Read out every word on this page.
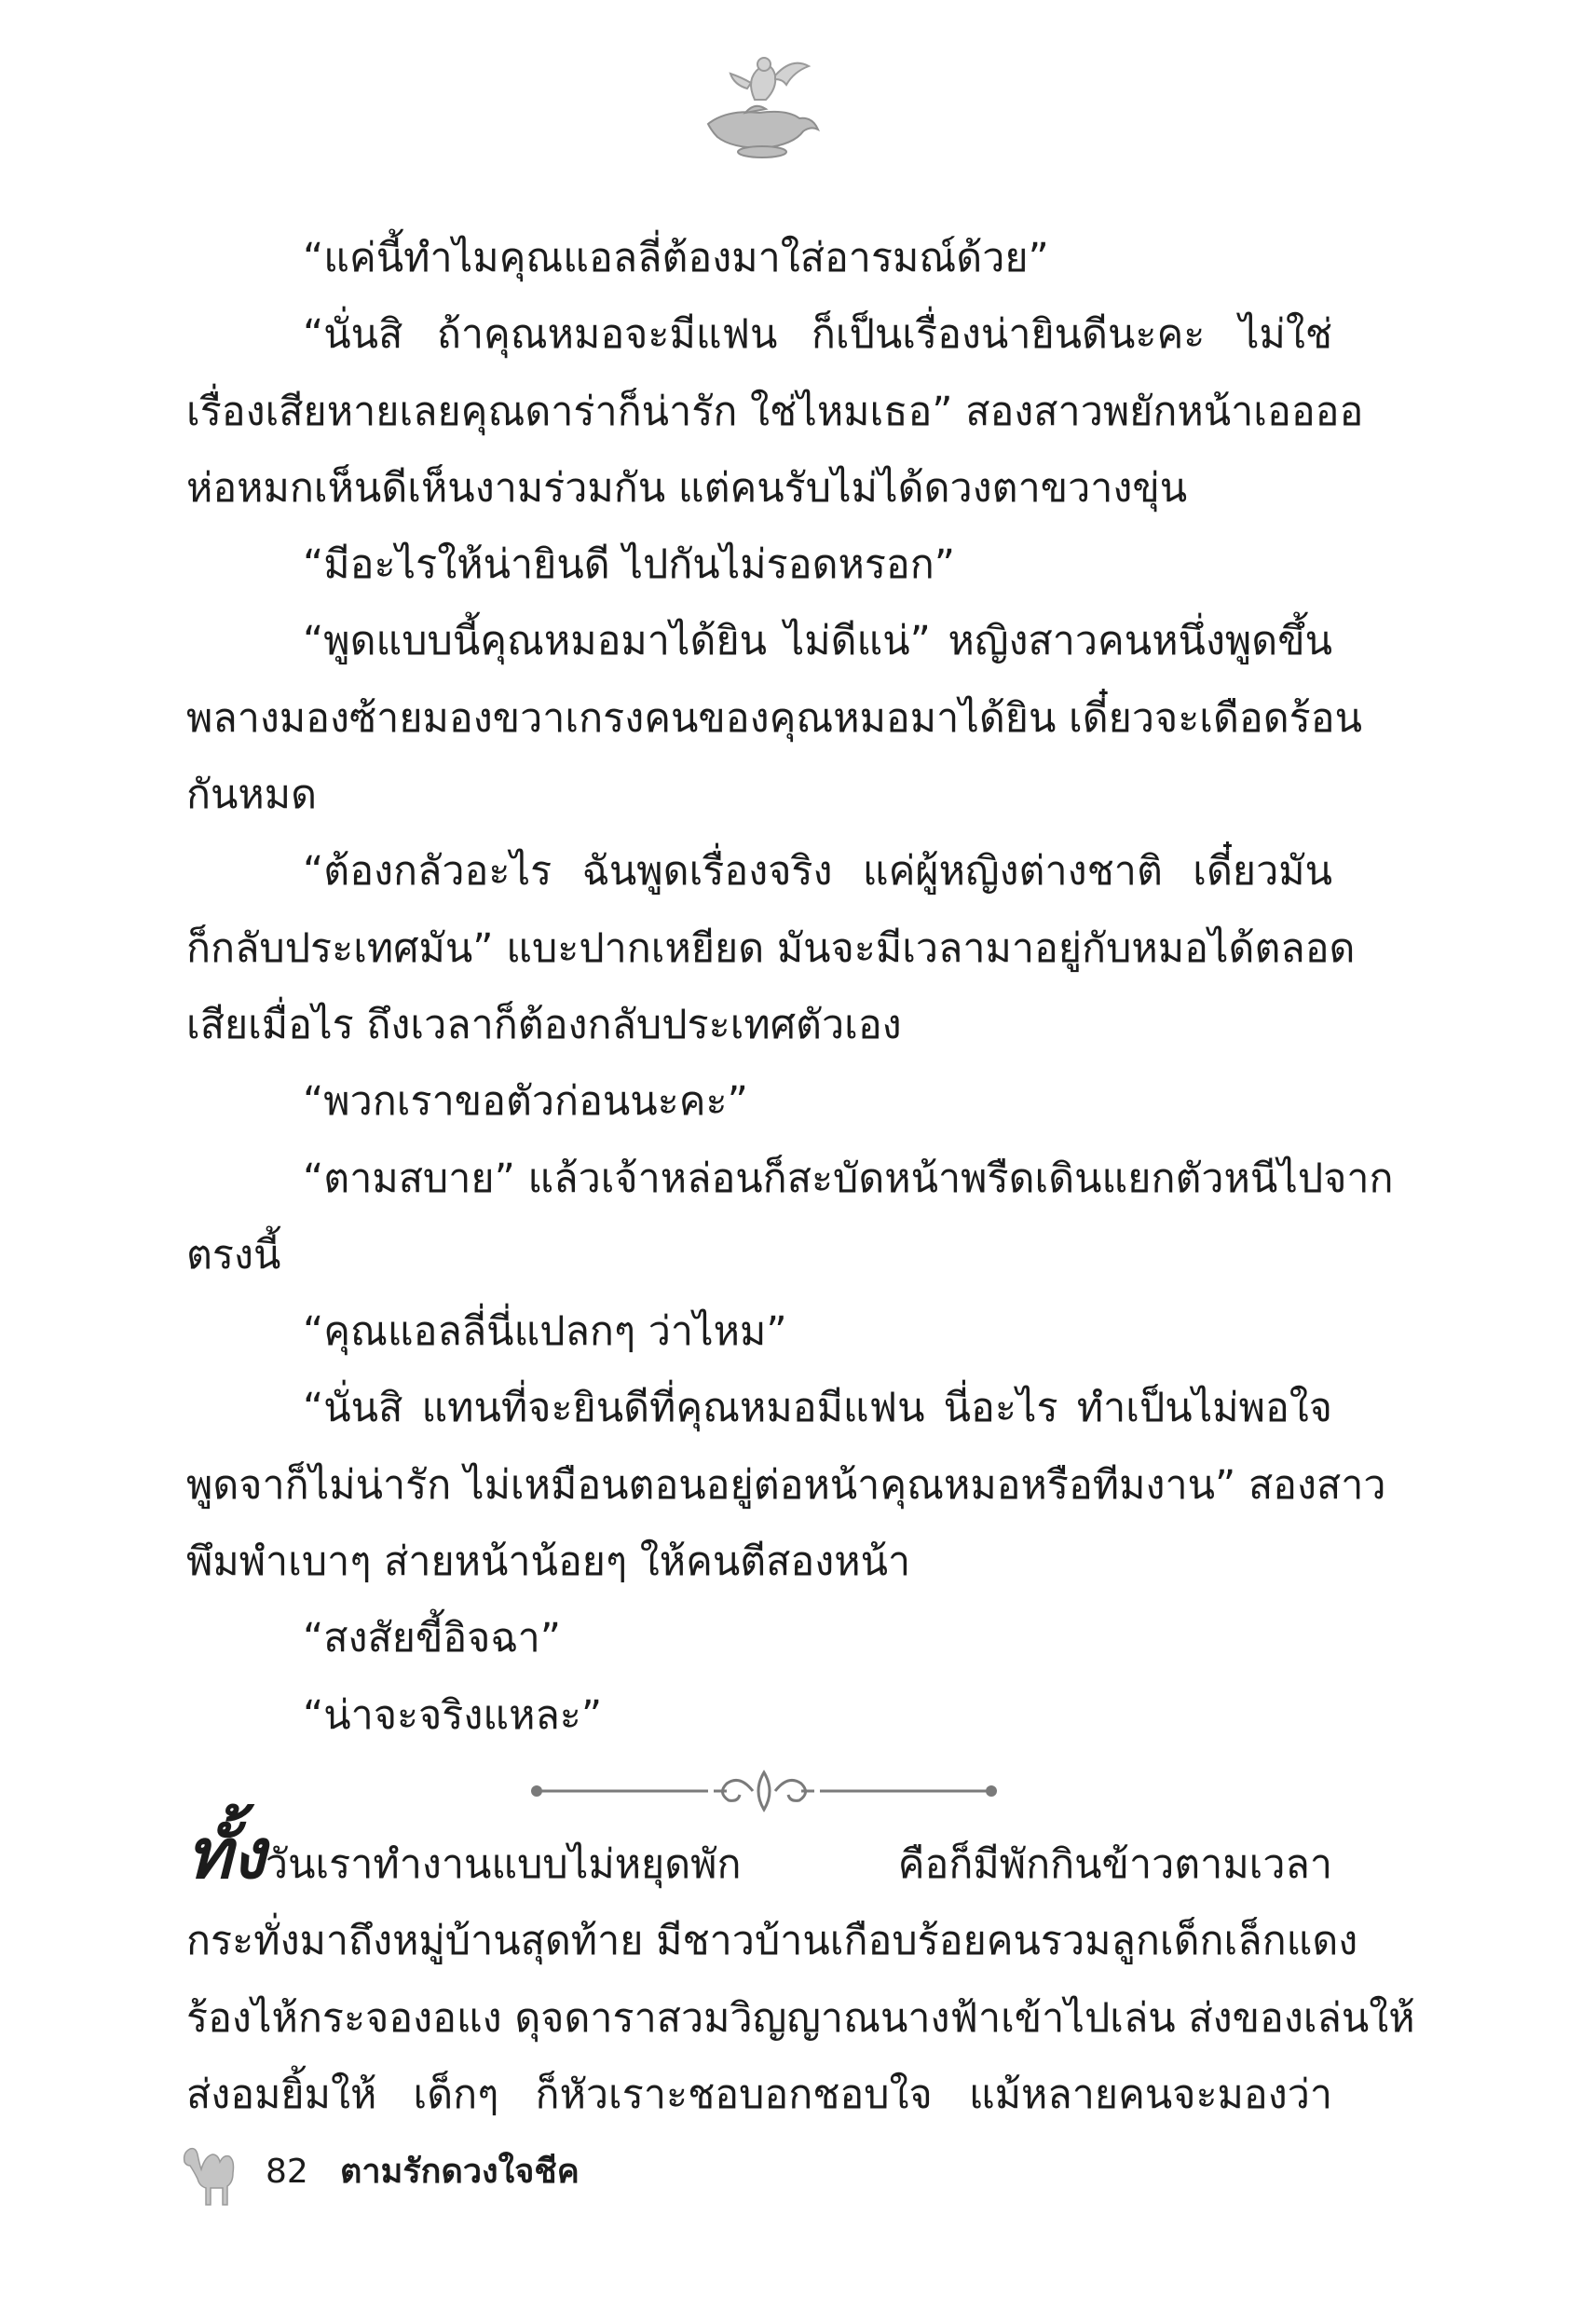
“แค่นี้ทำไมคุณแอลลี่ต้องมาใส่อารมณ์ด้วย”
“นั่นสิ ถ้าคุณหมอจะมีแฟน ก็เป็นเรื่องน่ายินดีนะคะ ไม่ใช่
เรื่องเสียหายเลยคุณดาร่าก็น่ารัก ใช่ไหมเธอ” สองสาวพยักหน้าเออออ
ห่อหมกเห็นดีเห็นงามร่วมกัน แต่คนรับไม่ได้ดวงตาขวางขุ่น
“มีอะไรให้น่ายินดี ไปกันไม่รอดหรอก”
“พูดแบบนี้คุณหมอมาได้ยิน ไม่ดีแน่” หญิงสาวคนหนึ่งพูดขึ้น
พลางมองซ้ายมองขวาเกรงคนของคุณหมอมาได้ยิน เดี๋ยวจะเดือดร้อน
กันหมด
“ต้องกลัวอะไร ฉันพูดเรื่องจริง แค่ผู้หญิงต่างชาติ เดี๋ยวมัน
ก็กลับประเทศมัน” แบะปากเหยียด มันจะมีเวลามาอยู่กับหมอได้ตลอด
เสียเมื่อไร ถึงเวลาก็ต้องกลับประเทศตัวเอง
“พวกเราขอตัวก่อนนะคะ”
“ตามสบาย” แล้วเจ้าหล่อนก็สะบัดหน้าพรืดเดินแยกตัวหนีไปจาก
ตรงนี้
“คุณแอลลี่นี่แปลกๆ ว่าไหม”
“นั่นสิ แทนที่จะยินดีที่คุณหมอมีแฟน นี่อะไร ทำเป็นไม่พอใจ
พูดจาก็ไม่น่ารัก ไม่เหมือนตอนอยู่ต่อหน้าคุณหมอหรือทีมงาน” สองสาว
พึมพำเบาๆ ส่ายหน้าน้อยๆ ให้คนตีสองหน้า
“สงสัยขี้อิจฉา”
“น่าจะจริงแหละ”
ทั้งวันเราทำงานแบบไม่หยุดพัก คือก็มีพักกินข้าวตามเวลา
กระทั่งมาถึงหมู่บ้านสุดท้าย มีชาวบ้านเกือบร้อยคนรวมลูกเด็กเล็กแดง
ร้องไห้กระจองอแง ดุจดาราสวมวิญญาณนางฟ้าเข้าไปเล่น ส่งของเล่นให้
ส่งอมยิ้มให้ เด็กๆ ก็หัวเราะชอบอกชอบใจ แม้หลายคนจะมองว่า
82 ตามรักดวงใจชีค
